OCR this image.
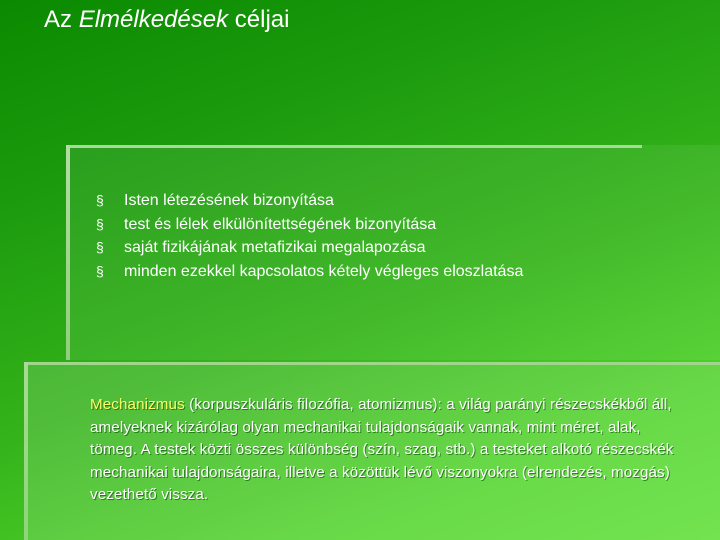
Az Elmélkedések céljai
§ Isten létezésének bizonyítása
§ test és lélek elkülönítettségének bizonyítása
§ saját fizikájának metafizikai megalapozása
§ minden ezekkel kapcsolatos kétely végleges eloszlatása
Mechanizmus (korpuszkuláris filozófia, atomizmus): a világ parányi részecskékből áll, amelyeknek kizárólag olyan mechanikai tulajdonságaik vannak, mint méret, alak, tömeg. A testek közti összes különbség (szín, szag, stb.) a testeket alkotó részecskék mechanikai tulajdonságaira, illetve a közöttük lévő viszonyokra (elrendezés, mozgás) vezethető vissza.
